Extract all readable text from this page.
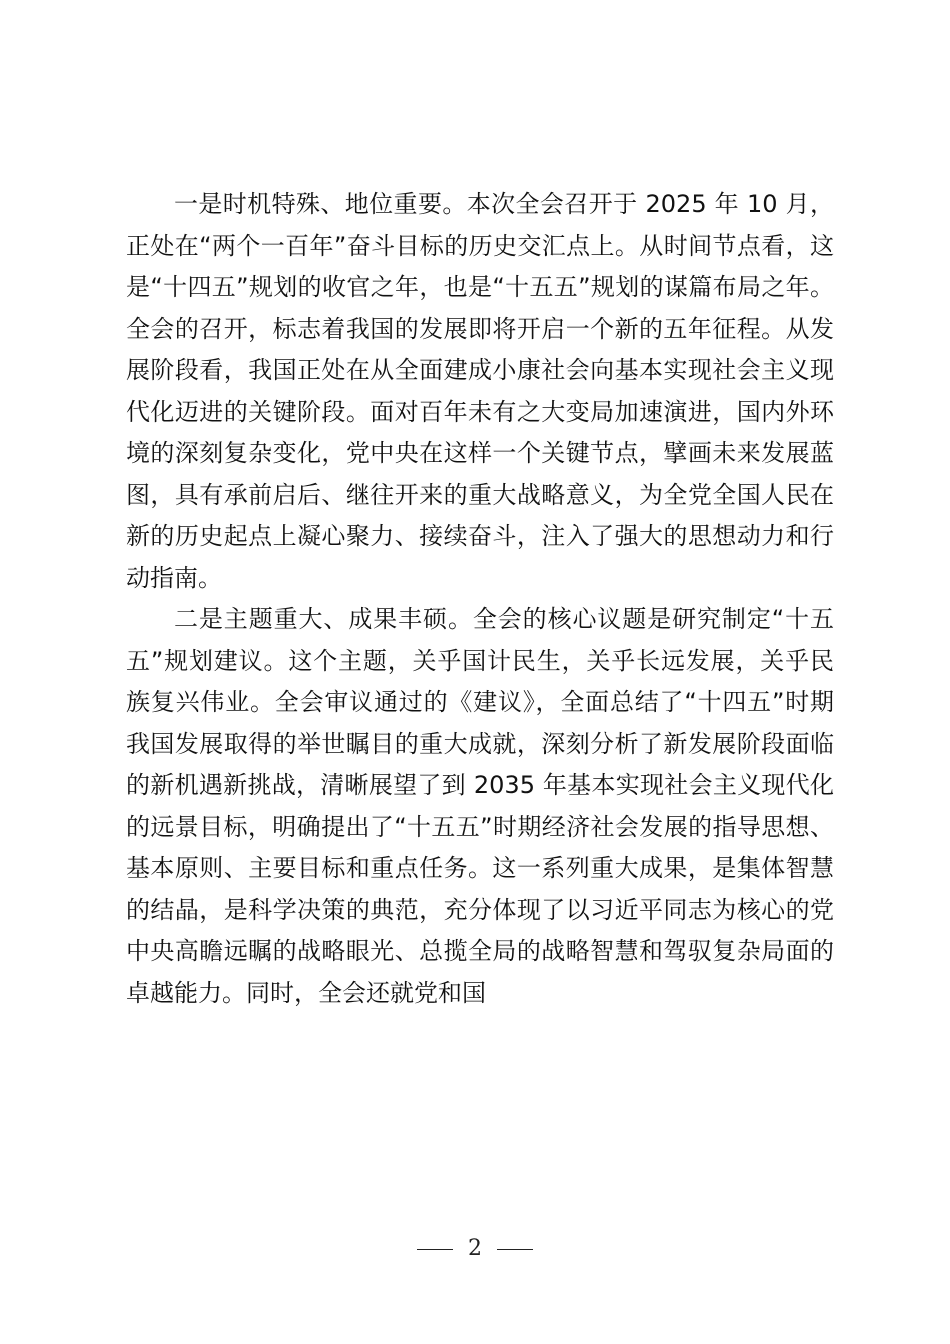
一是时机特殊、地位重要。本次全会召开于 2025 年 10 月，正处在“两个一百年”奋斗目标的历史交汇点上。从时间节点看，这是“十四五”规划的收官之年，也是“十五五”规划的谋篇布局之年。全会的召开，标志着我国的发展即将开启一个新的五年征程。从发展阶段看，我国正处在从全面建成小康社会向基本实现社会主义现代化迈进的关键阶段。面对百年未有之大变局加速演进，国内外环境的深刻复杂变化，党中央在这样一个关键节点，擘画未来发展蓝图，具有承前启后、继往开来的重大战略意义，为全党全国人民在新的历史起点上凝心聚力、接续奋斗，注入了强大的思想动力和行动指南。

二是主题重大、成果丰硕。全会的核心议题是研究制定“十五五”规划建议。这个主题，关乎国计民生，关乎长远发展，关乎民族复兴伟业。全会审议通过的《建议》，全面总结了“十四五”时期我国发展取得的举世瞩目的重大成就，深刻分析了新发展阶段面临的新机遇新挑战，清晰展望了到 2035 年基本实现社会主义现代化的远景目标，明确提出了“十五五”时期经济社会发展的指导思想、基本原则、主要目标和重点任务。这一系列重大成果，是集体智慧的结晶，是科学决策的典范，充分体现了以习近平同志为核心的党中央高瞻远瞩的战略眼光、总揽全局的战略智慧和驾驭复杂局面的卓越能力。同时，全会还就党和国

2
